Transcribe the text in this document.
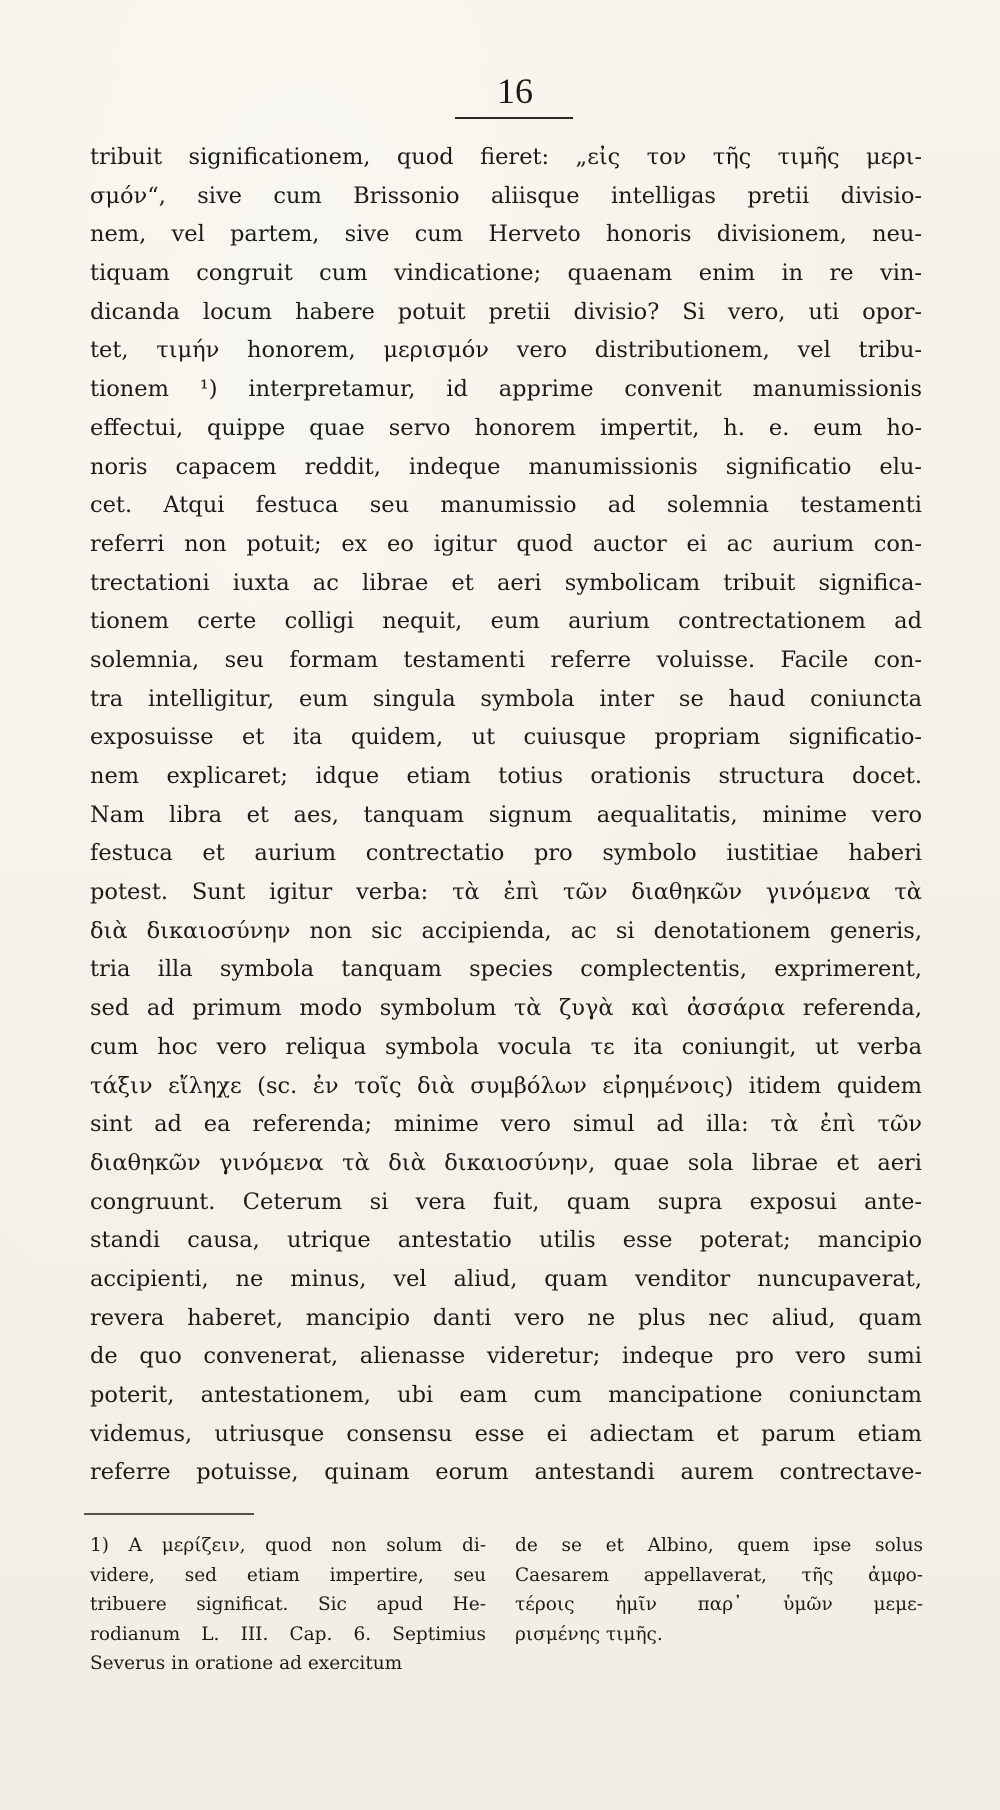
16
tribuit significationem, quod fieret: „εἰς τον τῆς τιμῆς μερι-
σμόν“, sive cum Brissonio aliisque intelligas pretii divisio-
nem, vel partem, sive cum Herveto honoris divisionem, neu-
tiquam congruit cum vindicatione; quaenam enim in re vin-
dicanda locum habere potuit pretii divisio? Si vero, uti opor-
tet, τιμήν honorem, μερισμόν vero distributionem, vel tribu-
tionem ¹) interpretamur, id apprime convenit manumissionis
effectui, quippe quae servo honorem impertit, h. e. eum ho-
noris capacem reddit, indeque manumissionis significatio elu-
cet. Atqui festuca seu manumissio ad solemnia testamenti
referri non potuit; ex eo igitur quod auctor ei ac aurium con-
trectationi iuxta ac librae et aeri symbolicam tribuit significa-
tionem certe colligi nequit, eum aurium contrectationem ad
solemnia, seu formam testamenti referre voluisse. Facile con-
tra intelligitur, eum singula symbola inter se haud coniuncta
exposuisse et ita quidem, ut cuiusque propriam significatio-
nem explicaret; idque etiam totius orationis structura docet.
Nam libra et aes, tanquam signum aequalitatis, minime vero
festuca et aurium contrectatio pro symbolo iustitiae haberi
potest. Sunt igitur verba: τὰ ἐπὶ τῶν διαθηκῶν γινόμενα τὰ
διὰ δικαιοσύνην non sic accipienda, ac si denotationem generis,
tria illa symbola tanquam species complectentis, exprimerent,
sed ad primum modo symbolum τὰ ζυγὰ καὶ ἀσσάρια referenda,
cum hoc vero reliqua symbola vocula τε ita coniungit, ut verba
τάξιν εἴληχε (sc. ἐν τοῖς διὰ συμβόλων εἰρημένοις) itidem quidem
sint ad ea referenda; minime vero simul ad illa: τὰ ἐπὶ τῶν
διαθηκῶν γινόμενα τὰ διὰ δικαιοσύνην, quae sola librae et aeri
congruunt. Ceterum si vera fuit, quam supra exposui ante-
standi causa, utrique antestatio utilis esse poterat; mancipio
accipienti, ne minus, vel aliud, quam venditor nuncupaverat,
revera haberet, mancipio danti vero ne plus nec aliud, quam
de quo convenerat, alienasse videretur; indeque pro vero sumi
poterit, antestationem, ubi eam cum mancipatione coniunctam
videmus, utriusque consensu esse ei adiectam et parum etiam
referre potuisse, quinam eorum antestandi aurem contrectave-
1) A μερίζειν, quod non solum di-
videre, sed etiam impertire, seu
tribuere significat. Sic apud He-
rodianum L. III. Cap. 6. Septimius
Severus in oratione ad exercitum
de se et Albino, quem ipse solus
Caesarem appellaverat, τῆς ἀμφο-
τέροις ἡμῖν παρ᾽ ὑμῶν μεμε-
ρισμένης τιμῆς.
